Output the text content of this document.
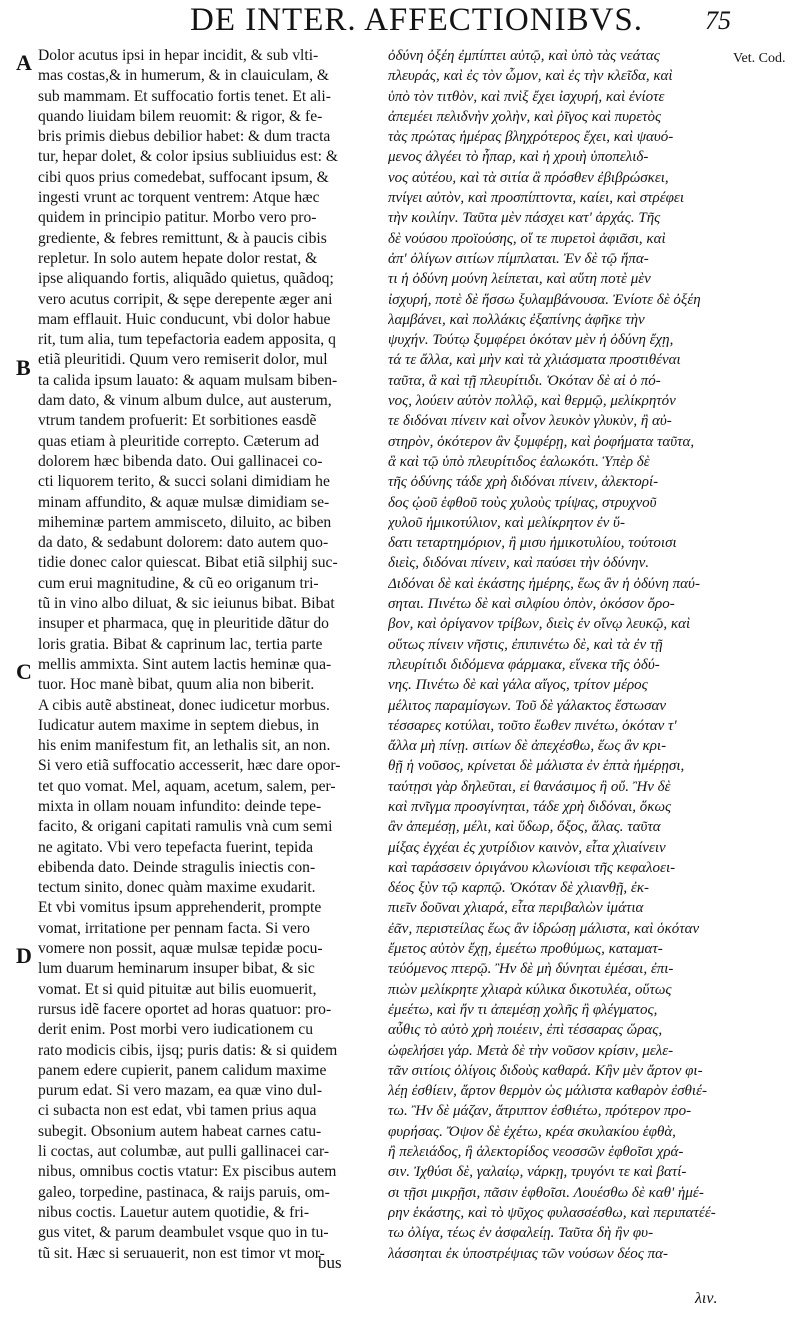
DE INTER. AFFECTIONIBVS. 75
Vet. Cod.
A
B
C
D
Dolor acutus ipsi in hepar incidit, & sub vlti-
mas costas,& in humerum, & in clauiculam, &
sub mammam. Et suffocatio fortis tenet. Et ali-
quando liuidam bilem reuomit: & rigor, & fe-
bris primis diebus debilior habet: & dum tracta
tur, hepar dolet, & color ipsius subliuidus est: &
cibi quos prius comedebat, suffocant ipsum, &
ingesti vrunt ac torquent ventrem: Atque hæc
quidem in principio patitur. Morbo vero pro-
grediente, & febres remittunt, & à paucis cibis
repletur. In solo autem hepate dolor restat, &
ipse aliquando fortis, aliquãdo quietus, quãdoq;
vero acutus corripit, & sępe derepente æger ani
mam efflauit. Huic conducunt, vbi dolor habue
rit, tum alia, tum tepefactoria eadem apposita, q
etiã pleuritidi. Quum vero remiserit dolor, mul
ta calida ipsum lauato: & aquam mulsam biben-
dam dato, & vinum album dulce, aut austerum,
vtrum tandem profuerit: Et sorbitiones easdẽ
quas etiam à pleuritide correpto. Cæterum ad
dolorem hæc bibenda dato. Oui gallinacei co-
cti liquorem terito, & succi solani dimidiam he
minam affundito, & aquæ mulsæ dimidiam se-
miheminæ partem ammisceto, diluito, ac biben
da dato, & sedabunt dolorem: dato autem quo-
tidie donec calor quiescat. Bibat etiã silphij suc-
cum erui magnitudine, & cũ eo origanum tri-
tũ in vino albo diluat, & sic ieiunus bibat. Bibat
insuper et pharmaca, quę in pleuritide dãtur do
loris gratia. Bibat & caprinum lac, tertia parte
mellis ammixta. Sint autem lactis heminæ qua-
tuor. Hoc manè bibat, quum alia non biberit.
A cibis autẽ abstineat, donec iudicetur morbus.
Iudicatur autem maxime in septem diebus, in
his enim manifestum fit, an lethalis sit, an non.
Si vero etiã suffocatio accesserit, hæc dare opor-
tet quo vomat. Mel, aquam, acetum, salem, per-
mixta in ollam nouam infundito: deinde tepe-
facito, & origani capitati ramulis vnà cum semi
ne agitato. Vbi vero tepefacta fuerint, tepida
ebibenda dato. Deinde stragulis iniectis con-
tectum sinito, donec quàm maxime exudarit.
Et vbi vomitus ipsum apprehenderit, prompte
vomat, irritatione per pennam facta. Si vero
vomere non possit, aquæ mulsæ tepidæ pocu-
lum duarum heminarum insuper bibat, & sic
vomat. Et si quid pituitæ aut bilis euomuerit,
rursus idẽ facere oportet ad horas quatuor: pro-
derit enim. Post morbi vero iudicationem cu
rato modicis cibis, ijsq; puris datis: & si quidem
panem edere cupierit, panem calidum maxime
purum edat. Si vero mazam, ea quæ vino dul-
ci subacta non est edat, vbi tamen prius aqua
subegit. Obsonium autem habeat carnes catu-
li coctas, aut columbæ, aut pulli gallinacei car-
nibus, omnibus coctis vtatur: Ex piscibus autem
galeo, torpedine, pastinaca, & raijs paruis, om-
nibus coctis. Lauetur autem quotidie, & fri-
gus vitet, & parum deambulet vsque quo in tu-
tũ sit. Hæc si seruauerit, non est timor vt mor-
ὀδύνη ὀξέη ἐμπίπτει αὐτῷ, καὶ ὑπὸ τὰς νεάτας
πλευράς, καὶ ἐς τὸν ὦμον, καὶ ἐς τὴν κλεῖδα, καὶ
ὑπὸ τὸν τιτθὸν, καὶ πνὶξ ἔχει ἰσχυρή, καὶ ἐνίοτε
ἀπεμέει πελιδνὴν χολὴν, καὶ ῥῖγος καὶ πυρετὸς
τὰς πρώτας ἡμέρας βληχρότερος ἔχει, καὶ ψαυό-
μενος ἀλγέει τὸ ἧπαρ, καὶ ἡ χροιὴ ὑποπελιδ-
νος αὐτέου, καὶ τὰ σιτία ἃ πρόσθεν ἐβιβρώσκει,
πνίγει αὐτὸν, καὶ προσπίπτοντα, καίει, καὶ στρέφει
τὴν κοιλίην. Ταῦτα μὲν πάσχει κατ' ἀρχάς. Τῆς
δὲ νούσου προϊούσης, οἵ τε πυρετοὶ ἀφιᾶσι, καὶ
ἀπ' ὀλίγων σιτίων πίμπλαται. Ἐν δὲ τῷ ἥπα-
τι ἡ ὀδύνη μούνη λείπεται, καὶ αὕτη ποτὲ μὲν
ἰσχυρή, ποτὲ δὲ ἥσσω ξυλαμβάνουσα. Ἐνίοτε δὲ ὀξέη
λαμβάνει, καὶ πολλάκις ἐξαπίνης ἀφῆκε τὴν
ψυχήν. Τούτῳ ξυμφέρει ὁκόταν μὲν ἡ ὀδύνη ἔχῃ,
τά τε ἄλλα, καὶ μὴν καὶ τὰ χλιάσματα προστιθέναι
ταῦτα, ἃ καὶ τῇ πλευρίτιδι. Ὁκόταν δὲ αἱ ὁ πό-
νος, λούειν αὐτὸν πολλῷ, καὶ θερμῷ, μελίκρητόν
τε διδόναι πίνειν καὶ οἶνον λευκὸν γλυκὺν, ἢ αὐ-
στηρὸν, ὁκότερον ἂν ξυμφέρῃ, καὶ ῥοφήματα ταῦτα,
ἃ καὶ τῷ ὑπὸ πλευρίτιδος ἑαλωκότι. Ὑπὲρ δὲ
τῆς ὀδύνης τάδε χρὴ διδόναι πίνειν, ἀλεκτορί-
δος ᾠοῦ ἑφθοῦ τοὺς χυλοὺς τρίψας, στρυχνοῦ
χυλοῦ ἡμικοτύλιον, καὶ μελίκρητον ἐν ὕ-
δατι τεταρτημόριον, ἢ μισυ ἡμικοτυλίου, τούτοισι
διεὶς, διδόναι πίνειν, καὶ παύσει τὴν ὀδύνην.
Διδόναι δὲ καὶ ἑκάστης ἡμέρης, ἕως ἂν ἡ ὀδύνη παύ-
σηται. Πινέτω δὲ καὶ σιλφίου ὀπὸν, ὁκόσον ὄρο-
βον, καὶ ὀρίγανον τρίβων, διεὶς ἐν οἴνῳ λευκῷ, καὶ
οὕτως πίνειν νῆστις, ἐπιπινέτω δὲ, καὶ τὰ ἐν τῇ
πλευρίτιδι διδόμενα φάρμακα, εἵνεκα τῆς ὀδύ-
νης. Πινέτω δὲ καὶ γάλα αἴγος, τρίτον μέρος
μέλιτος παραμίσγων. Τοῦ δὲ γάλακτος ἔστωσαν
τέσσαρες κοτύλαι, τοῦτο ἕωθεν πινέτω, ὁκόταν τ'
ἄλλα μὴ πίνῃ. σιτίων δὲ ἀπεχέσθω, ἕως ἂν κρι-
θῇ ἡ νοῦσος, κρίνεται δὲ μάλιστα ἐν ἑπτὰ ἡμέρῃσι,
ταύτῃσι γὰρ δηλεῦται, εἰ θανάσιμος ἢ οὔ. Ἢν δὲ
καὶ πνῖγμα προσγίνηται, τάδε χρὴ διδόναι, ὅκως
ἂν ἀπεμέσῃ, μέλι, καὶ ὕδωρ, ὄξος, ἅλας. ταῦτα
μίξας ἐγχέαι ἐς χυτρίδιον καινὸν, εἶτα χλιαίνειν
καὶ ταράσσειν ὀριγάνου κλωνίοισι τῆς κεφαλοει-
δέος ξὺν τῷ καρπῷ. Ὁκόταν δὲ χλιανθῇ, ἐκ-
πιεῖν δοῦναι χλιαρά, εἶτα περιβαλὼν ἱμάτια
ἐᾶν, περιστείλας ἕως ἂν ἱδρώσῃ μάλιστα, καὶ ὁκόταν
ἔμετος αὐτὸν ἔχῃ, ἐμεέτω προθύμως, καταματ-
τεύόμενος πτερῷ. Ἢν δὲ μὴ δύνηται ἐμέσαι, ἐπι-
πιὼν μελίκρητε χλιαρὰ κύλικα δικοτυλέα, οὕτως
ἐμεέτω, καὶ ἤν τι ἀπεμέσῃ χολῆς ἢ φλέγματος,
αὖθις τὸ αὐτὸ χρὴ ποιέειν, ἐπὶ τέσσαρας ὥρας,
ὠφελήσει γάρ. Μετὰ δὲ τὴν νοῦσον κρίσιν, μελε-
τᾶν σιτίοις ὀλίγοις διδοὺς καθαρά. Κἢν μὲν ἄρτον φι-
λέῃ ἐσθίειν, ἄρτον θερμὸν ὡς μάλιστα καθαρὸν ἐσθιέ-
τω. Ἢν δὲ μάζαν, ἄτριπτον ἐσθιέτω, πρότερον προ-
φυρήσας. Ὄψον δὲ ἐχέτω, κρέα σκυλακίου ἑφθὰ,
ἢ πελειάδος, ἢ ἀλεκτορίδος νεοσσῶν ἑφθοῖσι χρά-
σιν. Ἰχθύσι δὲ, γαλαίῳ, νάρκῃ, τρυγόνι τε καὶ βατί-
σι τῇσι μικρῇσι, πᾶσιν ἑφθοῖσι. Λουέσθω δὲ καθ' ἡμέ-
ρην ἑκάστης, καὶ τὸ ψῦχος φυλασσέσθω, καὶ περιπατέέ-
τω ὀλίγα, τέως ἐν ἀσφαλείῃ. Ταῦτα δὴ ἢν φυ-
λάσσηται ἐκ ὑποστρέψιας τῶν νούσων δέος πα-
bus
λιν.
